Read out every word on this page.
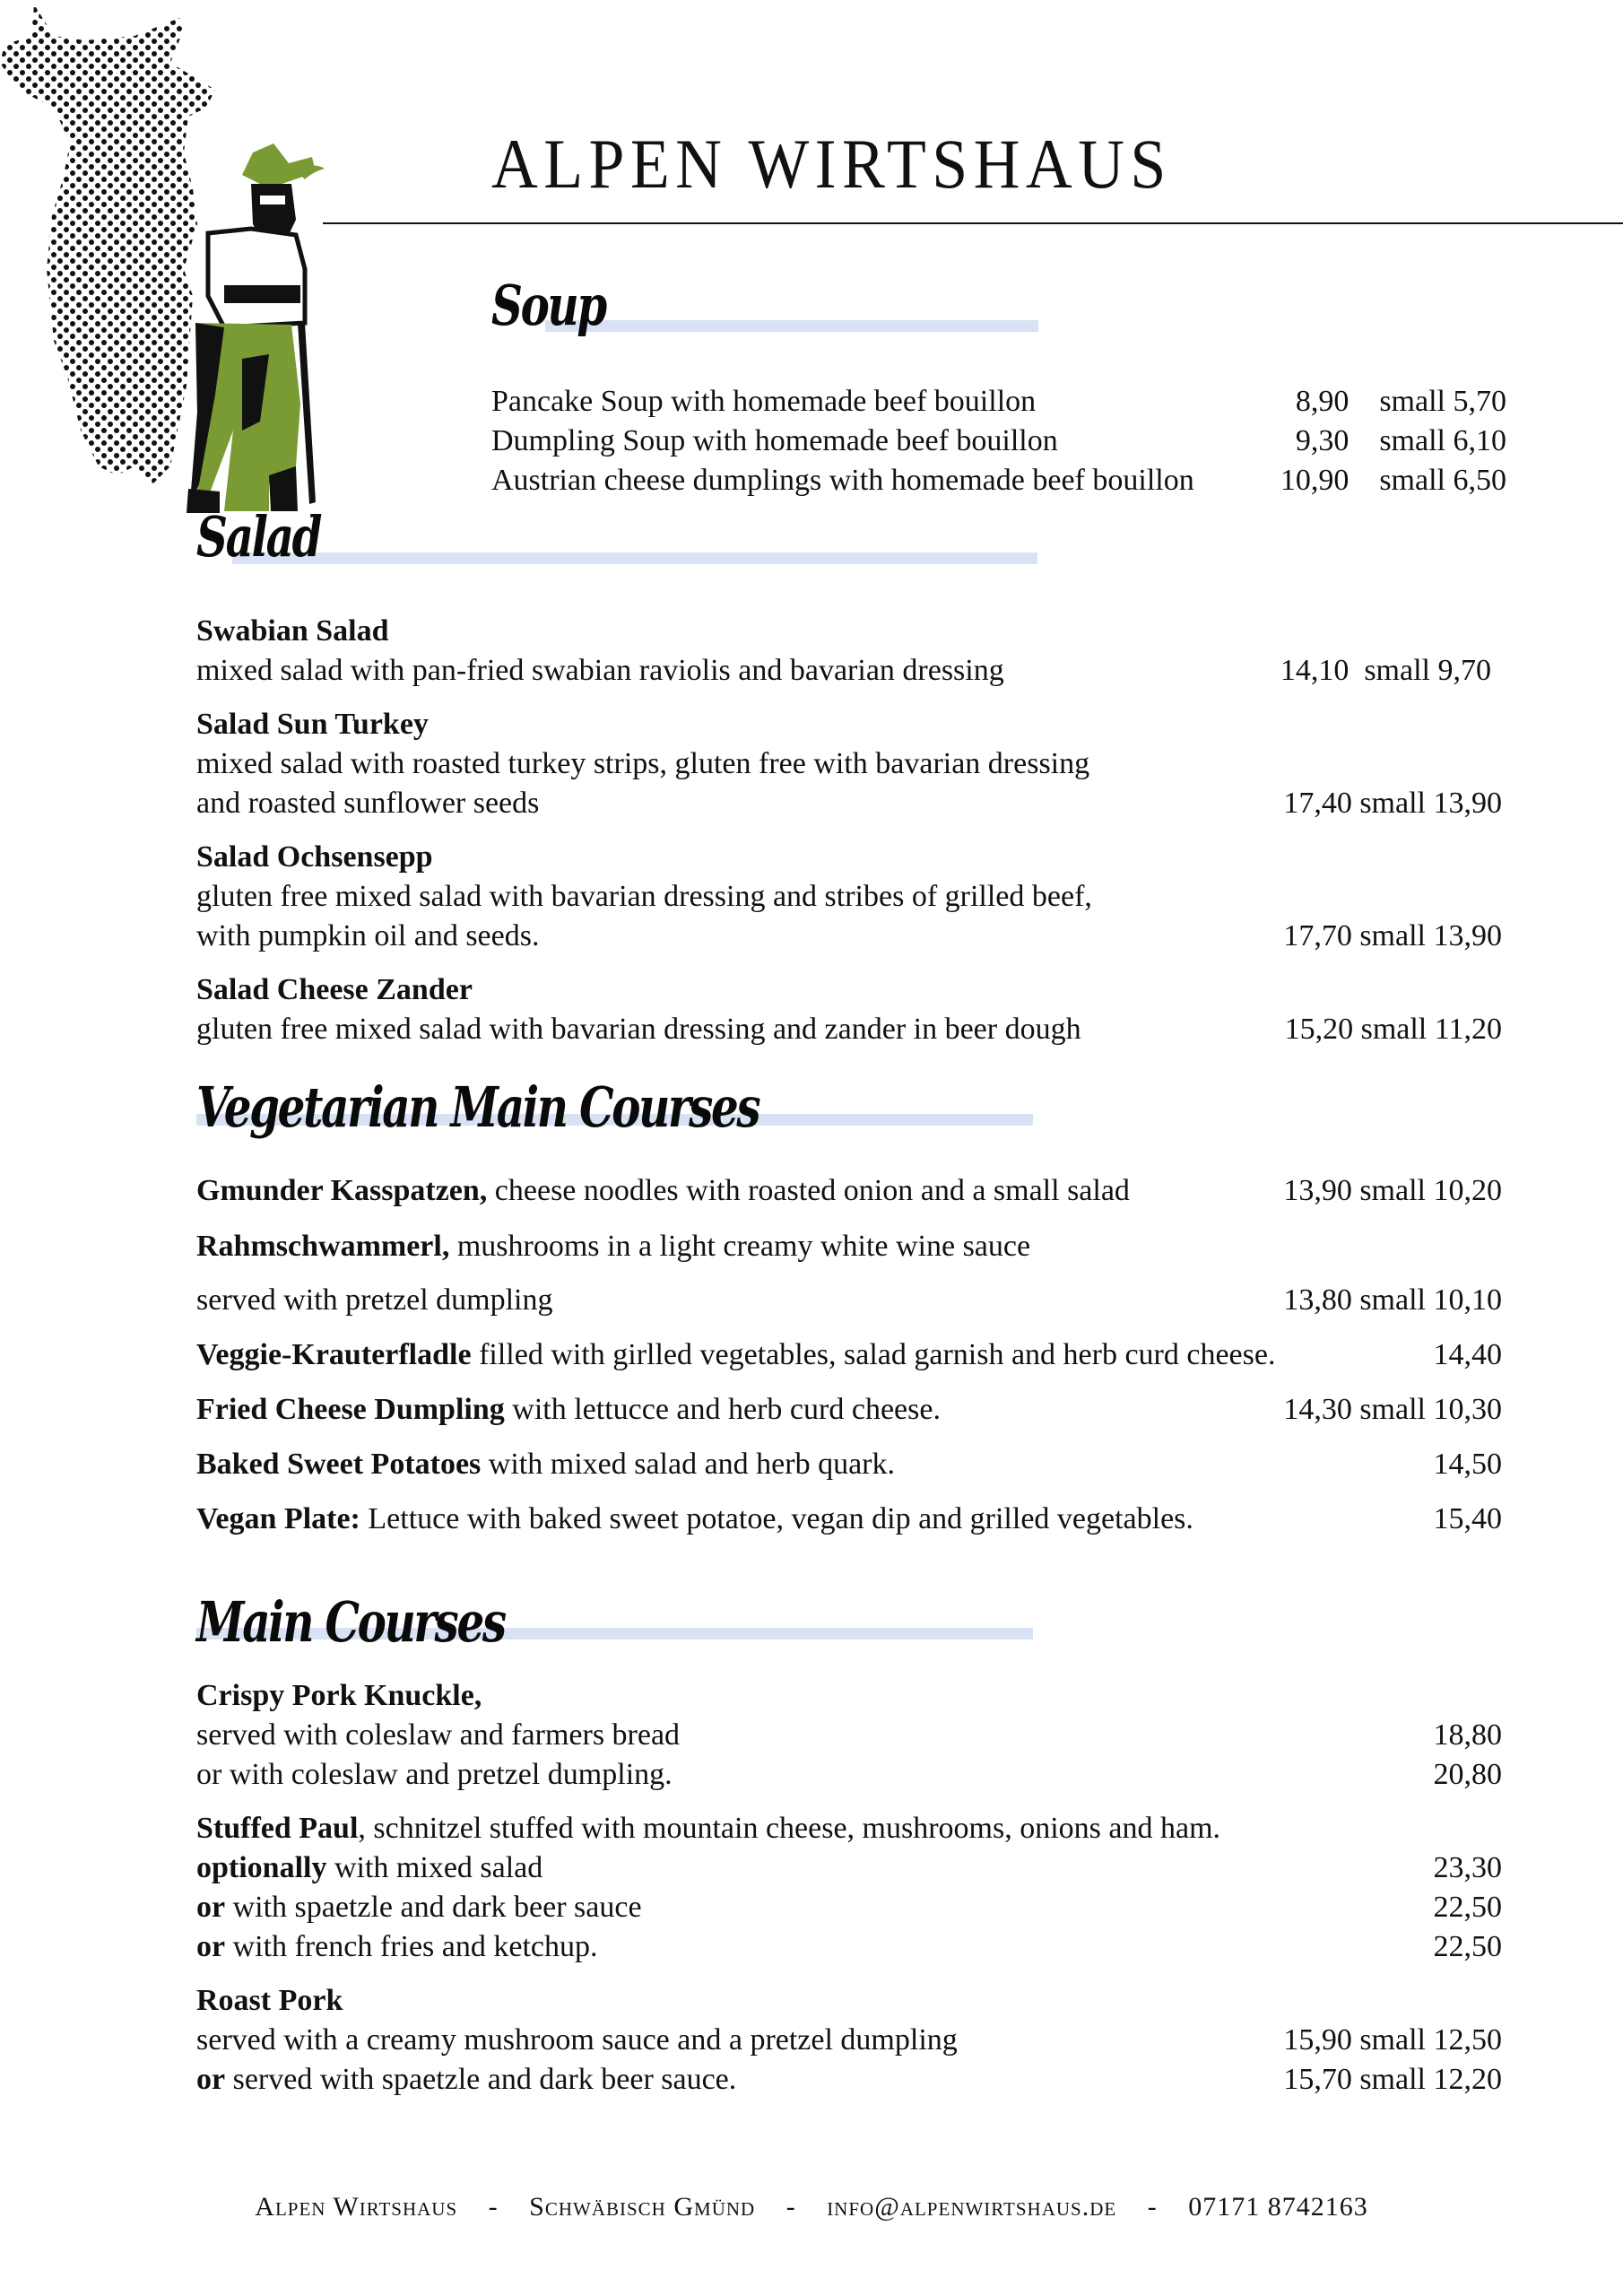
ALPEN WIRTSHAUS
Soup
Pancake Soup with homemade beef bouillon	8,90    small 5,70
Dumpling Soup with homemade beef bouillon	9,30    small 6,10
Austrian cheese dumplings with homemade beef bouillon	10,90    small 6,50
Salad
Swabian Salad
mixed salad with pan-fried swabian raviolis and bavarian dressing	14,10  small 9,70
Salad Sun Turkey
mixed salad with roasted turkey strips, gluten free with bavarian dressing
and roasted sunflower seeds	17,40 small 13,90
Salad Ochsensepp
gluten free mixed salad with bavarian dressing and stribes of grilled beef,
with pumpkin oil and seeds.	17,70 small 13,90
Salad Cheese Zander
gluten free mixed salad with bavarian dressing and zander in beer dough	15,20 small 11,20
Vegetarian Main Courses
Gmunder Kasspatzen, cheese noodles with roasted onion and a small salad	13,90 small 10,20
Rahmschwammerl, mushrooms in a light creamy white wine sauce
served with pretzel dumpling	13,80 small 10,10
Veggie-Krauterfladle filled with girlled vegetables, salad garnish and herb curd cheese.	14,40
Fried Cheese Dumpling with lettucce and herb curd cheese.	14,30 small 10,30
Baked Sweet Potatoes with mixed salad and herb quark.	14,50
Vegan Plate: Lettuce with baked sweet potatoe, vegan dip and grilled vegetables.	15,40
Main Courses
Crispy Pork Knuckle,
served with coleslaw and farmers bread	18,80
or with coleslaw and pretzel dumpling.	20,80
Stuffed Paul, schnitzel stuffed with mountain cheese, mushrooms, onions and ham.
optionally with mixed salad	23,30
or with spaetzle and dark beer sauce	22,50
or with french fries and ketchup.	22,50
Roast Pork
served with a creamy mushroom sauce and a pretzel dumpling	15,90 small 12,50
or served with spaetzle and dark beer sauce.	15,70 small 12,20
Alpen Wirtshaus - Schwäbisch Gmünd - info@alpenwirtshaus.de - 07171 8742163
